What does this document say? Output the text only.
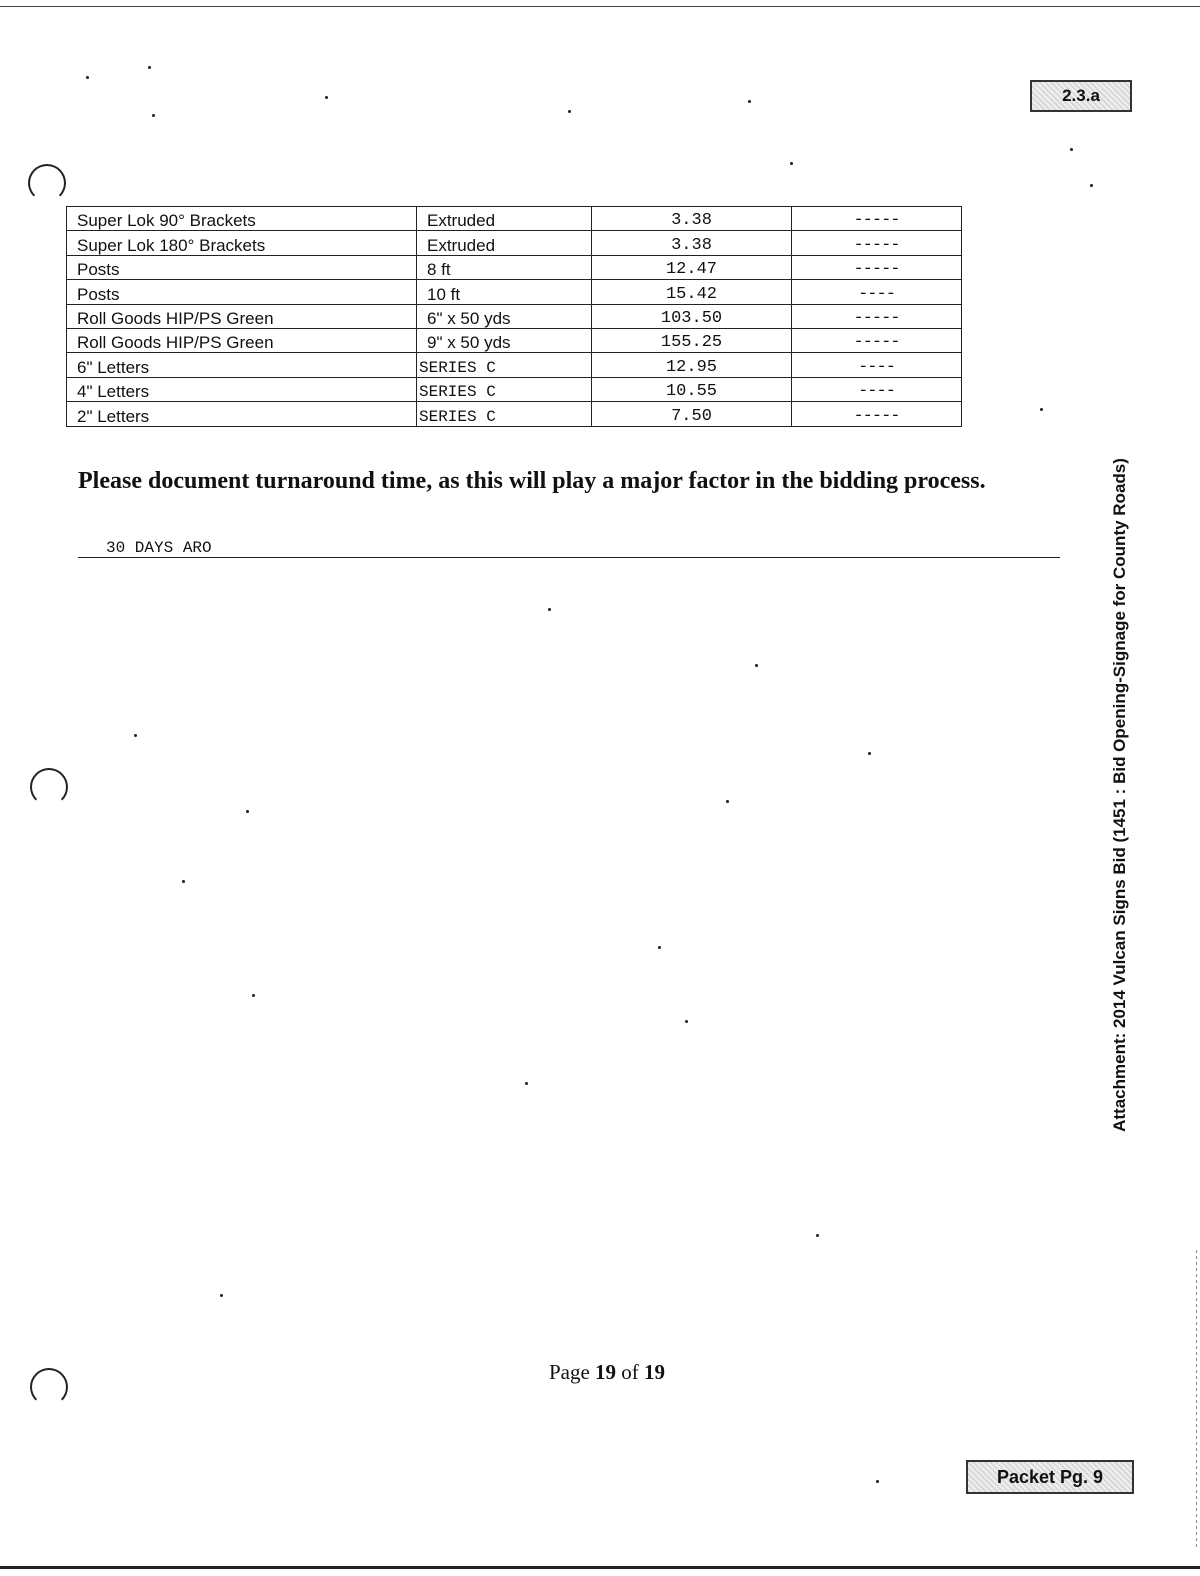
2.3.a
Super Lok 90° Brackets	Extruded	3.38	-----
Super Lok 180° Brackets	Extruded	3.38	-----
Posts	8 ft	12.47	-----
Posts	10 ft	15.42	----
Roll Goods HIP/PS Green	6" x 50 yds	103.50	-----
Roll Goods HIP/PS Green	9" x 50 yds	155.25	-----
6" Letters	SERIES C	12.95	----
4" Letters	SERIES C	10.55	----
2" Letters	SERIES C	7.50	-----
Please document turnaround time, as this will play a major factor in the bidding process.
30 DAYS ARO	Attachment: 2014 Vulcan Signs Bid (1451 : Bid Opening-Signage for County Roads)
Page 19 of 19
Packet Pg. 9
